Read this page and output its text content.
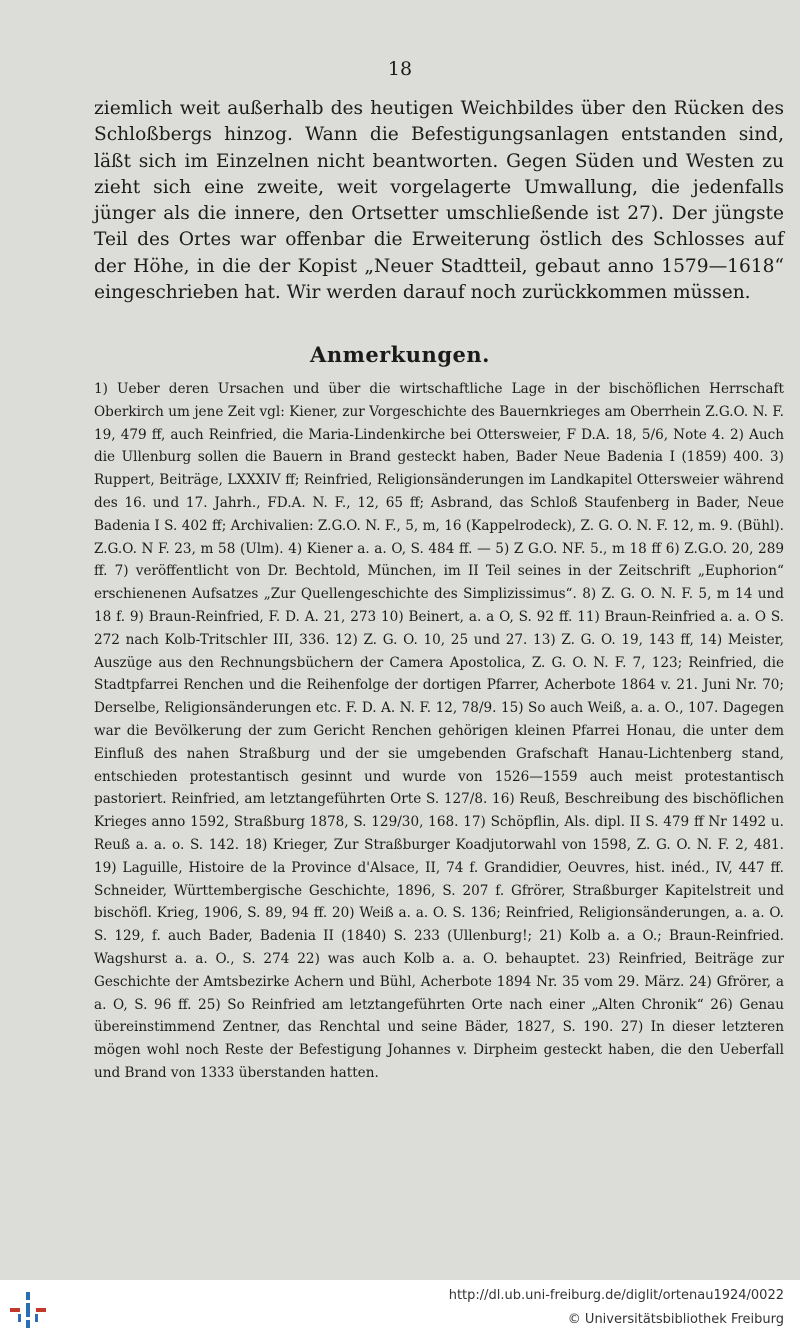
18

ziemlich weit außerhalb des heutigen Weichbildes über den Rücken des Schloßbergs hinzog. Wann die Befestigungsanlagen entstanden sind, läßt sich im Einzelnen nicht beantworten. Gegen Süden und Westen zu zieht sich eine zweite, weit vorgelagerte Umwallung, die jedenfalls jünger als die innere, den Ortsetter umschließende ist 27). Der jüngste Teil des Ortes war offenbar die Erweiterung östlich des Schlosses auf der Höhe, in die der Kopist „Neuer Stadtteil, gebaut anno 1579—1618“ eingeschrieben hat. Wir werden darauf noch zurückkommen müssen.

Anmerkungen.

1) Ueber deren Ursachen und über die wirtschaftliche Lage in der bischöflichen Herrschaft Oberkirch um jene Zeit vgl: Kiener, zur Vorgeschichte des Bauernkrieges am Oberrhein Z.G.O. N. F. 19, 479 ff, auch Reinfried, die Maria-Lindenkirche bei Ottersweier, F D.A. 18, 5/6, Note 4. 2) Auch die Ullenburg sollen die Bauern in Brand gesteckt haben, Bader Neue Badenia I (1859) 400. 3) Ruppert, Beiträge, LXXXIV ff; Reinfried, Religionsänderungen im Landkapitel Ottersweier während des 16. und 17. Jahrh., FD.A. N. F., 12, 65 ff; Asbrand, das Schloß Staufenberg in Bader, Neue Badenia I S. 402 ff; Archivalien: Z.G.O. N. F., 5, m, 16 (Kappelrodeck), Z. G. O. N. F. 12, m. 9. (Bühl). Z.G.O. N F. 23, m 58 (Ulm). 4) Kiener a. a. O, S. 484 ff. — 5) Z G.O. NF. 5., m 18 ff 6) Z.G.O. 20, 289 ff. 7) veröffentlicht von Dr. Bechtold, München, im II Teil seines in der Zeitschrift „Euphorion“ erschienenen Aufsatzes „Zur Quellengeschichte des Simplizissimus“. 8) Z. G. O. N. F. 5, m 14 und 18 f. 9) Braun-Reinfried, F. D. A. 21, 273 10) Beinert, a. a O, S. 92 ff. 11) Braun-Reinfried a. a. O S. 272 nach Kolb-Tritschler III, 336. 12) Z. G. O. 10, 25 und 27. 13) Z. G. O. 19, 143 ff, 14) Meister, Auszüge aus den Rechnungsbüchern der Camera Apostolica, Z. G. O. N. F. 7, 123; Reinfried, die Stadtpfarrei Renchen und die Reihenfolge der dortigen Pfarrer, Acherbote 1864 v. 21. Juni Nr. 70; Derselbe, Religionsänderungen etc. F. D. A. N. F. 12, 78/9. 15) So auch Weiß, a. a. O., 107. Dagegen war die Bevölkerung der zum Gericht Renchen gehörigen kleinen Pfarrei Honau, die unter dem Einfluß des nahen Straßburg und der sie umgebenden Grafschaft Hanau-Lichtenberg stand, entschieden protestantisch gesinnt und wurde von 1526—1559 auch meist protestantisch pastoriert. Reinfried, am letztangeführten Orte S. 127/8. 16) Reuß, Beschreibung des bischöflichen Krieges anno 1592, Straßburg 1878, S. 129/30, 168. 17) Schöpflin, Als. dipl. II S. 479 ff Nr 1492 u. Reuß a. a. o. S. 142. 18) Krieger, Zur Straßburger Koadjutorwahl von 1598, Z. G. O. N. F. 2, 481. 19) Laguille, Histoire de la Province d'Alsace, II, 74 f. Grandidier, Oeuvres, hist. inéd., IV, 447 ff. Schneider, Württembergische Geschichte, 1896, S. 207 f. Gfrörer, Straßburger Kapitelstreit und bischöfl. Krieg, 1906, S. 89, 94 ff. 20) Weiß a. a. O. S. 136; Reinfried, Religionsänderungen, a. a. O. S. 129, f. auch Bader, Badenia II (1840) S. 233 (Ullenburg!; 21) Kolb a. a O.; Braun-Reinfried. Wagshurst a. a. O., S. 274 22) was auch Kolb a. a. O. behauptet. 23) Reinfried, Beiträge zur Geschichte der Amtsbezirke Achern und Bühl, Acherbote 1894 Nr. 35 vom 29. März. 24) Gfrörer, a a. O, S. 96 ff. 25) So Reinfried am letztangeführten Orte nach einer „Alten Chronik“ 26) Genau übereinstimmend Zentner, das Renchtal und seine Bäder, 1827, S. 190. 27) In dieser letzteren mögen wohl noch Reste der Befestigung Johannes v. Dirpheim gesteckt haben, die den Ueberfall und Brand von 1333 überstanden hatten.

http://dl.ub.uni-freiburg.de/diglit/ortenau1924/0022
© Universitätsbibliothek Freiburg
